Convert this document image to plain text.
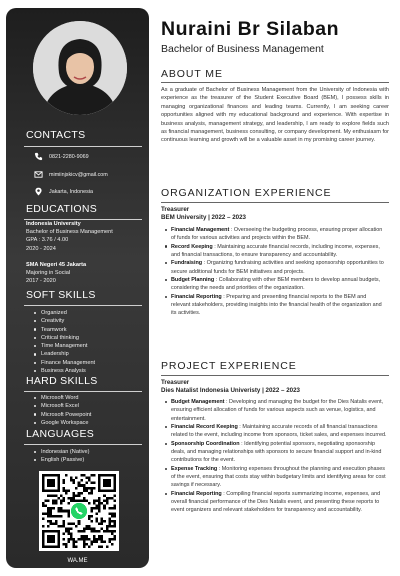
CONTACTS
0821-2280-9069
mimiinjskicv@gmail.com
Jakarta, Indonesia
EDUCATIONS
Indonesia University
Bachelor of Business Management
GPA : 3.76 / 4.00
2020 - 2024
SMA Negeri 45 Jakarta
Majoring in Social
2017 - 2020
SOFT SKILLS
Organized
Creativity
Teamwork
Critical thinking
Time Management
Leadership
Finance Management
Business Analysis
HARD SKILLS
Microsoft Word
Microsoft Excel
Microsoft Powepoint
Google Workspace
LANGUAGES
Indonesian (Native)
English (Passive)
WA.ME
Nuraini Br Silaban
Bachelor of Business Management
ABOUT ME
As a graduate of Bachelor of Business Management from the University of Indonesia with experience as the treasurer of the Student Executive Board (BEM), I possess skills in managing organizational finances and leading teams. Currently, I am seeking career opportunities aligned with my educational background and experience. With expertise in business analysis, management strategy, and leadership, I am ready to explore fields such as financial management, business consulting, or company development. My enthusiasm for continuous learning and growth will be a valuable asset in my promising career journey.
ORGANIZATION EXPERIENCE
Treasurer
BEM University | 2022 – 2023
Financial Management : Overseeing the budgeting process, ensuring proper allocation of funds for various activities and projects within the BEM.
Record Keeping : Maintaining accurate financial records, including income, expenses, and financial transactions, to ensure transparency and accountability.
Fundraising : Organizing fundraising activities and seeking sponsorship opportunities to secure additional funds for BEM initiatives and projects.
Budget Planning : Collaborating with other BEM members to develop annual budgets, considering the needs and priorities of the organization.
Financial Reporting : Preparing and presenting financial reports to the BEM and relevant stakeholders, providing insights into the financial health of the organization and its activities.
PROJECT EXPERIENCE
Treasurer
Dies Natalist Indonesia Univeristy | 2022 – 2023
Budget Management : Developing and managing the budget for the Dies Natalis event, ensuring efficient allocation of funds for various aspects such as venue, logistics, and entertainment.
Financial Record Keeping : Maintaining accurate records of all financial transactions related to the event, including income from sponsors, ticket sales, and expenses incurred.
Sponsorship Coordination : Identifying potential sponsors, negotiating sponsorship deals, and managing relationships with sponsors to secure financial support and in-kind contributions for the event.
Expense Tracking : Monitoring expenses throughout the planning and execution phases of the event, ensuring that costs stay within budgetary limits and identifying areas for cost savings if necessary.
Financial Reporting : Compiling financial reports summarizing income, expenses, and overall financial performance of the Dies Natalis event, and presenting these reports to event organizers and relevant stakeholders for transparency and accountability.
